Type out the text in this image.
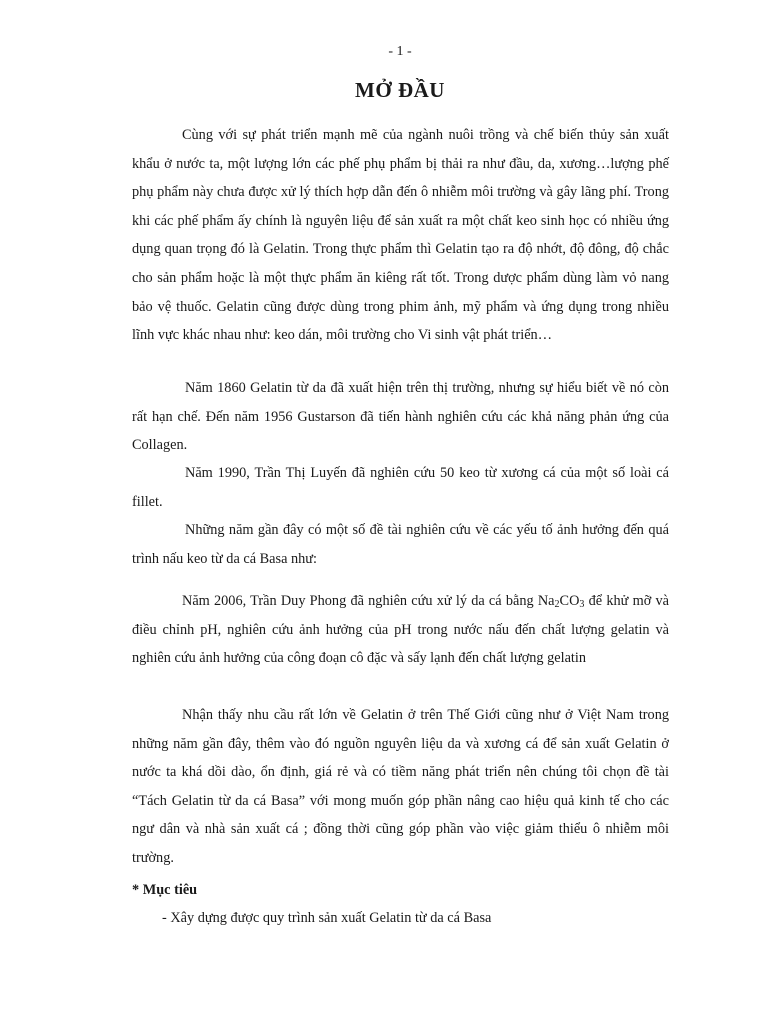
- 1 -
MỞ ĐẦU

Cùng với sự phát triển mạnh mẽ của ngành nuôi trồng và chế biến thủy sản xuất khẩu ở nước ta, một lượng lớn các phế phụ phẩm bị thải ra như đầu, da, xương…lượng phế phụ phẩm này chưa được xử lý thích hợp dẫn đến ô nhiễm môi trường và gây lãng phí. Trong khi các phế phẩm ấy chính là nguyên liệu để sản xuất ra một chất keo sinh học có nhiều ứng dụng quan trọng đó là Gelatin. Trong thực phẩm thì Gelatin tạo ra độ nhớt, độ đông, độ chắc cho sản phẩm hoặc là một thực phẩm ăn kiêng rất tốt. Trong dược phẩm dùng làm vỏ nang bảo vệ thuốc. Gelatin cũng được dùng trong phim ảnh, mỹ phẩm và ứng dụng trong nhiều lĩnh vực khác nhau như: keo dán, môi trường cho Vi sinh vật phát triển…

Năm 1860 Gelatin từ da đã xuất hiện trên thị trường, nhưng sự hiểu biết về nó còn rất hạn chế. Đến năm 1956 Gustarson đã tiến hành nghiên cứu các khả năng phản ứng của Collagen.

Năm 1990, Trần Thị Luyến đã nghiên cứu 50 keo từ xương cá của một số loài cá fillet.

Những năm gần đây có một số đề tài nghiên cứu về các yếu tố ảnh hưởng đến quá trình nấu keo từ da cá Basa như:

Năm 2006, Trần Duy Phong đã nghiên cứu xử lý da cá bằng $Na_2CO_3$ để khử mỡ và điều chỉnh pH, nghiên cứu ảnh hưởng của pH trong nước nấu đến chất lượng gelatin và nghiên cứu ảnh hưởng của công đoạn cô đặc và sấy lạnh đến chất lượng gelatin

Nhận thấy nhu cầu rất lớn về Gelatin ở trên Thế Giới cũng như ở Việt Nam trong những năm gần đây, thêm vào đó nguồn nguyên liệu da và xương cá để sản xuất Gelatin ở nước ta khá dồi dào, ổn định, giá rẻ và có tiềm năng phát triển nên chúng tôi chọn đề tài “Tách Gelatin từ da cá Basa” với mong muốn góp phần nâng cao hiệu quả kinh tế cho các ngư dân và nhà sản xuất cá ; đồng thời cũng góp phần vào việc giảm thiểu ô nhiễm môi trường.

* Mục tiêu
- Xây dựng được quy trình sản xuất Gelatin từ da cá Basa
